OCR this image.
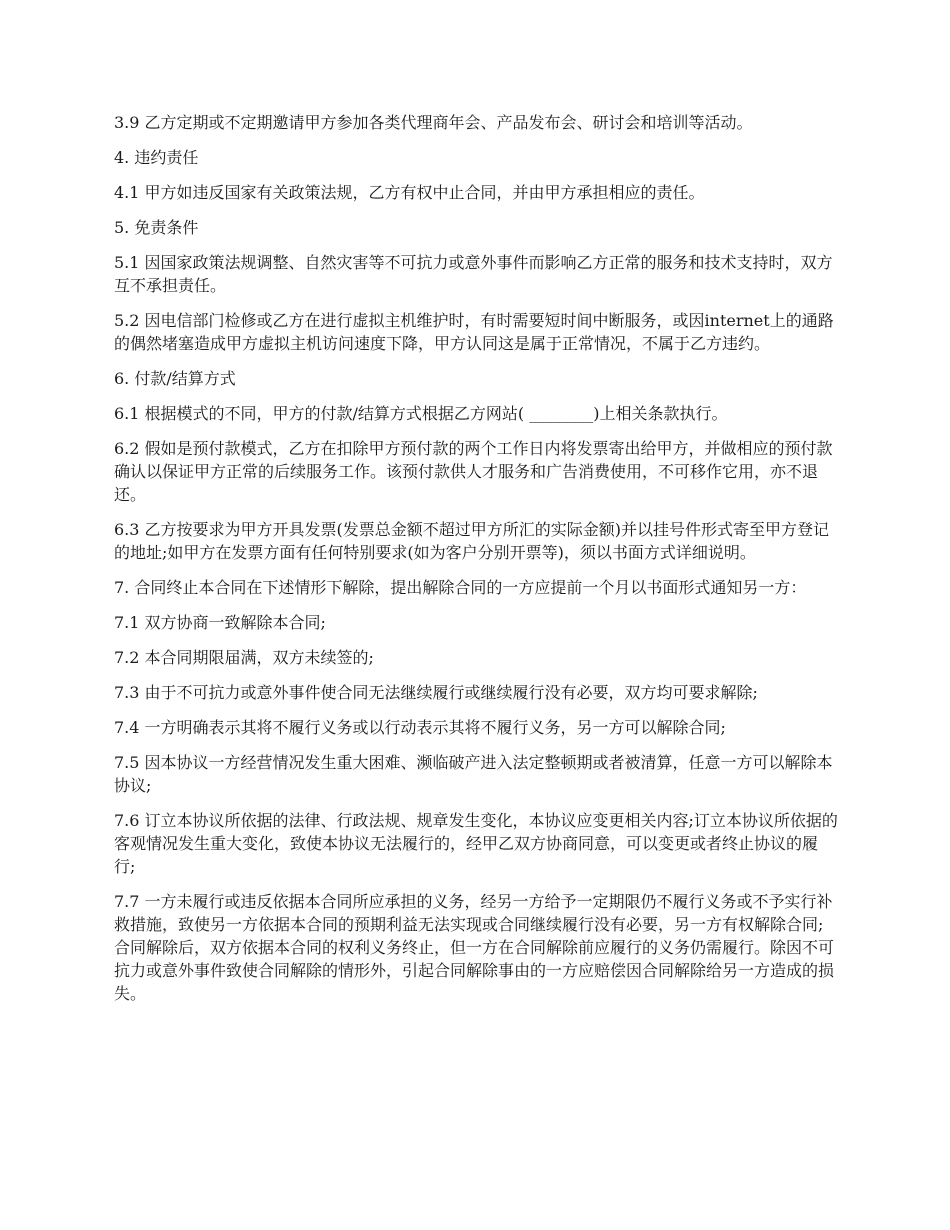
3.9 乙方定期或不定期邀请甲方参加各类代理商年会、产品发布会、研讨会和培训等活动。

4. 违约责任

4.1 甲方如违反国家有关政策法规，乙方有权中止合同，并由甲方承担相应的责任。

5. 免责条件

5.1 因国家政策法规调整、自然灾害等不可抗力或意外事件而影响乙方正常的服务和技术支持时，双方互不承担责任。

5.2 因电信部门检修或乙方在进行虚拟主机维护时，有时需要短时间中断服务，或因internet上的通路的偶然堵塞造成甲方虚拟主机访问速度下降，甲方认同这是属于正常情况，不属于乙方违约。

6. 付款/结算方式

6.1 根据模式的不同，甲方的付款/结算方式根据乙方网站( ________)上相关条款执行。

6.2 假如是预付款模式，乙方在扣除甲方预付款的两个工作日内将发票寄出给甲方，并做相应的预付款确认以保证甲方正常的后续服务工作。该预付款供人才服务和广告消费使用，不可移作它用，亦不退还。

6.3 乙方按要求为甲方开具发票(发票总金额不超过甲方所汇的实际金额)并以挂号件形式寄至甲方登记的地址;如甲方在发票方面有任何特别要求(如为客户分别开票等)，须以书面方式详细说明。

7. 合同终止本合同在下述情形下解除，提出解除合同的一方应提前一个月以书面形式通知另一方：

7.1 双方协商一致解除本合同;

7.2 本合同期限届满，双方未续签的;

7.3 由于不可抗力或意外事件使合同无法继续履行或继续履行没有必要，双方均可要求解除;

7.4 一方明确表示其将不履行义务或以行动表示其将不履行义务，另一方可以解除合同;

7.5 因本协议一方经营情况发生重大困难、濒临破产进入法定整顿期或者被清算，任意一方可以解除本协议;

7.6 订立本协议所依据的法律、行政法规、规章发生变化，本协议应变更相关内容;订立本协议所依据的客观情况发生重大变化，致使本协议无法履行的，经甲乙双方协商同意，可以变更或者终止协议的履行;

7.7 一方未履行或违反依据本合同所应承担的义务，经另一方给予一定期限仍不履行义务或不予实行补救措施，致使另一方依据本合同的预期利益无法实现或合同继续履行没有必要，另一方有权解除合同;合同解除后，双方依据本合同的权利义务终止，但一方在合同解除前应履行的义务仍需履行。除因不可抗力或意外事件致使合同解除的情形外，引起合同解除事由的一方应赔偿因合同解除给另一方造成的损失。
